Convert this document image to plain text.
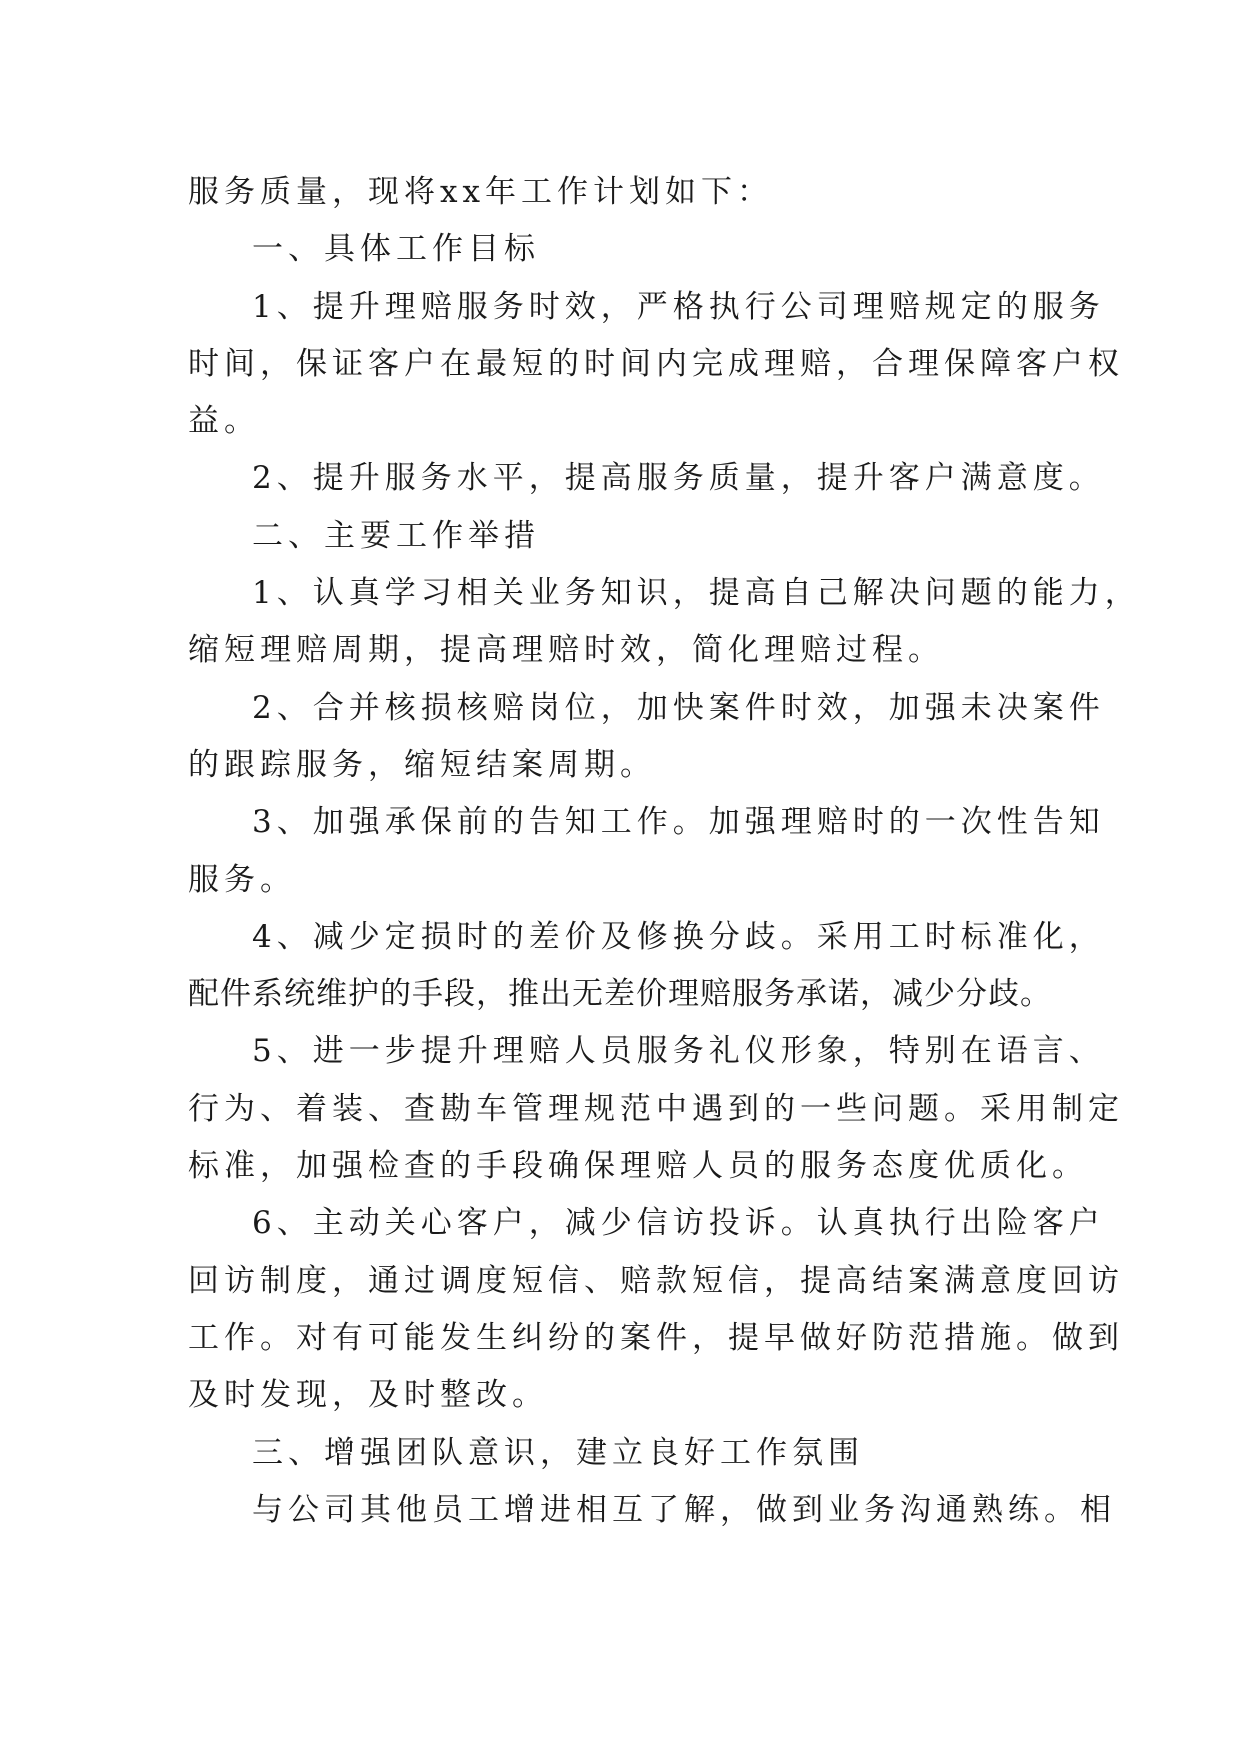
服务质量，现将xx年工作计划如下：
一、具体工作目标
1、提升理赔服务时效，严格执行公司理赔规定的服务
时间，保证客户在最短的时间内完成理赔，合理保障客户权
益。
2、提升服务水平，提高服务质量，提升客户满意度。
二、主要工作举措
1、认真学习相关业务知识，提高自己解决问题的能力，
缩短理赔周期，提高理赔时效，简化理赔过程。
2、合并核损核赔岗位，加快案件时效，加强未决案件
的跟踪服务，缩短结案周期。
3、加强承保前的告知工作。加强理赔时的一次性告知
服务。
4、减少定损时的差价及修换分歧。采用工时标准化，
配件系统维护的手段，推出无差价理赔服务承诺，减少分歧。
5、进一步提升理赔人员服务礼仪形象，特别在语言、
行为、着装、查勘车管理规范中遇到的一些问题。采用制定
标准，加强检查的手段确保理赔人员的服务态度优质化。
6、主动关心客户，减少信访投诉。认真执行出险客户
回访制度，通过调度短信、赔款短信，提高结案满意度回访
工作。对有可能发生纠纷的案件，提早做好防范措施。做到
及时发现，及时整改。
三、增强团队意识，建立良好工作氛围
与公司其他员工增进相互了解，做到业务沟通熟练。相
